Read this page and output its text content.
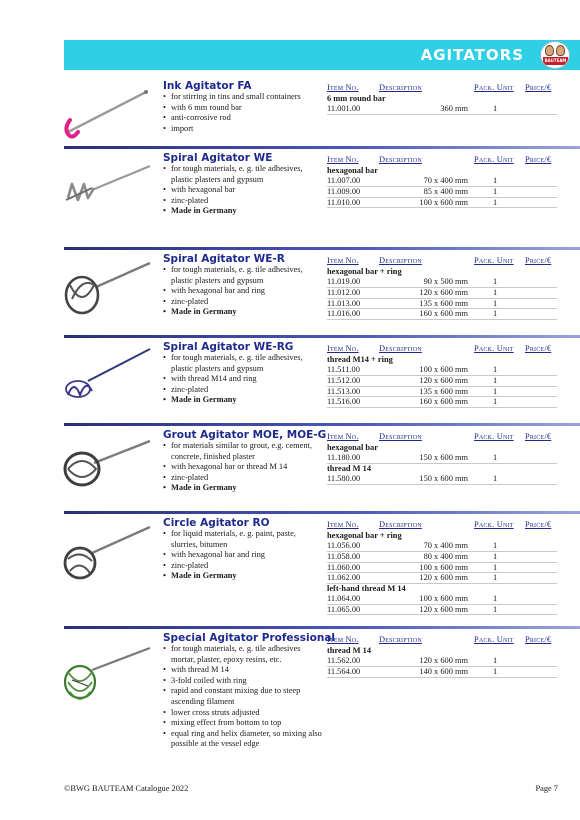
AGITATORS	BAUTEAM
Ink Agitator FA
• for stirring in tins and small containers
• with 6 mm round bar
• anti-corrosive rod
• import
Item No. Description	Pack. Unit Price/€
6 mm round bar
11.001.00	360 mm	1
Spiral Agitator WE
• for tough materials, e. g. tile adhesives, plastic plasters and gypsum
• with hexagonal bar
• zinc-plated
• Made in Germany
Item No. Description	Pack. Unit Price/€
hexagonal bar
11.007.00	70 x 400 mm	1
11.009.00	85 x 400 mm	1
11.010.00	100 x 600 mm	1
Spiral Agitator WE-R
• for tough materials, e. g. tile adhesives, plastic plasters and gypsum
• with hexagonal bar and ring
• zinc-plated
• Made in Germany
Item No. Description	Pack. Unit Price/€
hexagonal bar + ring
11.019.00	90 x 500 mm	1
11.012.00	120 x 600 mm	1
11.013.00	135 x 600 mm	1
11.016.00	160 x 600 mm	1
Spiral Agitator WE-RG
• for tough materials, e. g. tile adhesives, plastic plasters and gypsum
• with thread M14 and ring
• zinc-plated
• Made in Germany
Item No. Description	Pack. Unit Price/€
thread M14 + ring
11.511.00	100 x 600 mm	1
11.512.00	120 x 600 mm	1
11.513.00	135 x 600 mm	1
11.516.00	160 x 600 mm	1
Grout Agitator MOE, MOE-G
• for materials similar to grout, e.g. cement, concrete, finished plaster
• with hexagonal bar or thread M 14
• zinc-plated
• Made in Germany
Item No. Description	Pack. Unit Price/€
hexagonal bar
11.180.00	150 x 600 mm	1
thread M 14
11.580.00	150 x 600 mm	1
Circle Agitator RO
• for liquid materials, e. g. paint, paste, slurries, bitumen
• with hexagonal bar and ring
• zinc-plated
• Made in Germany
Item No. Description	Pack. Unit Price/€
hexagonal bar + ring
11.056.00	70 x 400 mm	1
11.058.00	80 x 400 mm	1
11.060.00	100 x 600 mm	1
11.062.00	120 x 600 mm	1
left-hand thread M 14
11.064.00	100 x 600 mm	1
11.065.00	120 x 600 mm	1
Special Agitator Professional
• for tough materials, e. g. tile adhesives mortar, plaster, epoxy resins, etc.
• with thread M 14
• 3-fold coiled with ring
• rapid and constant mixing due to steep ascending filament
• lower cross struts adjusted
• mixing effect from bottom to top
• equal ring and helix diameter, so mixing also possible at the vessel edge
Item No. Description	Pack. Unit Price/€
thread M 14
11.562.00	120 x 600 mm	1
11.564.00	140 x 600 mm	1
©BWG BAUTEAM Catalogue 2022	Page 7
